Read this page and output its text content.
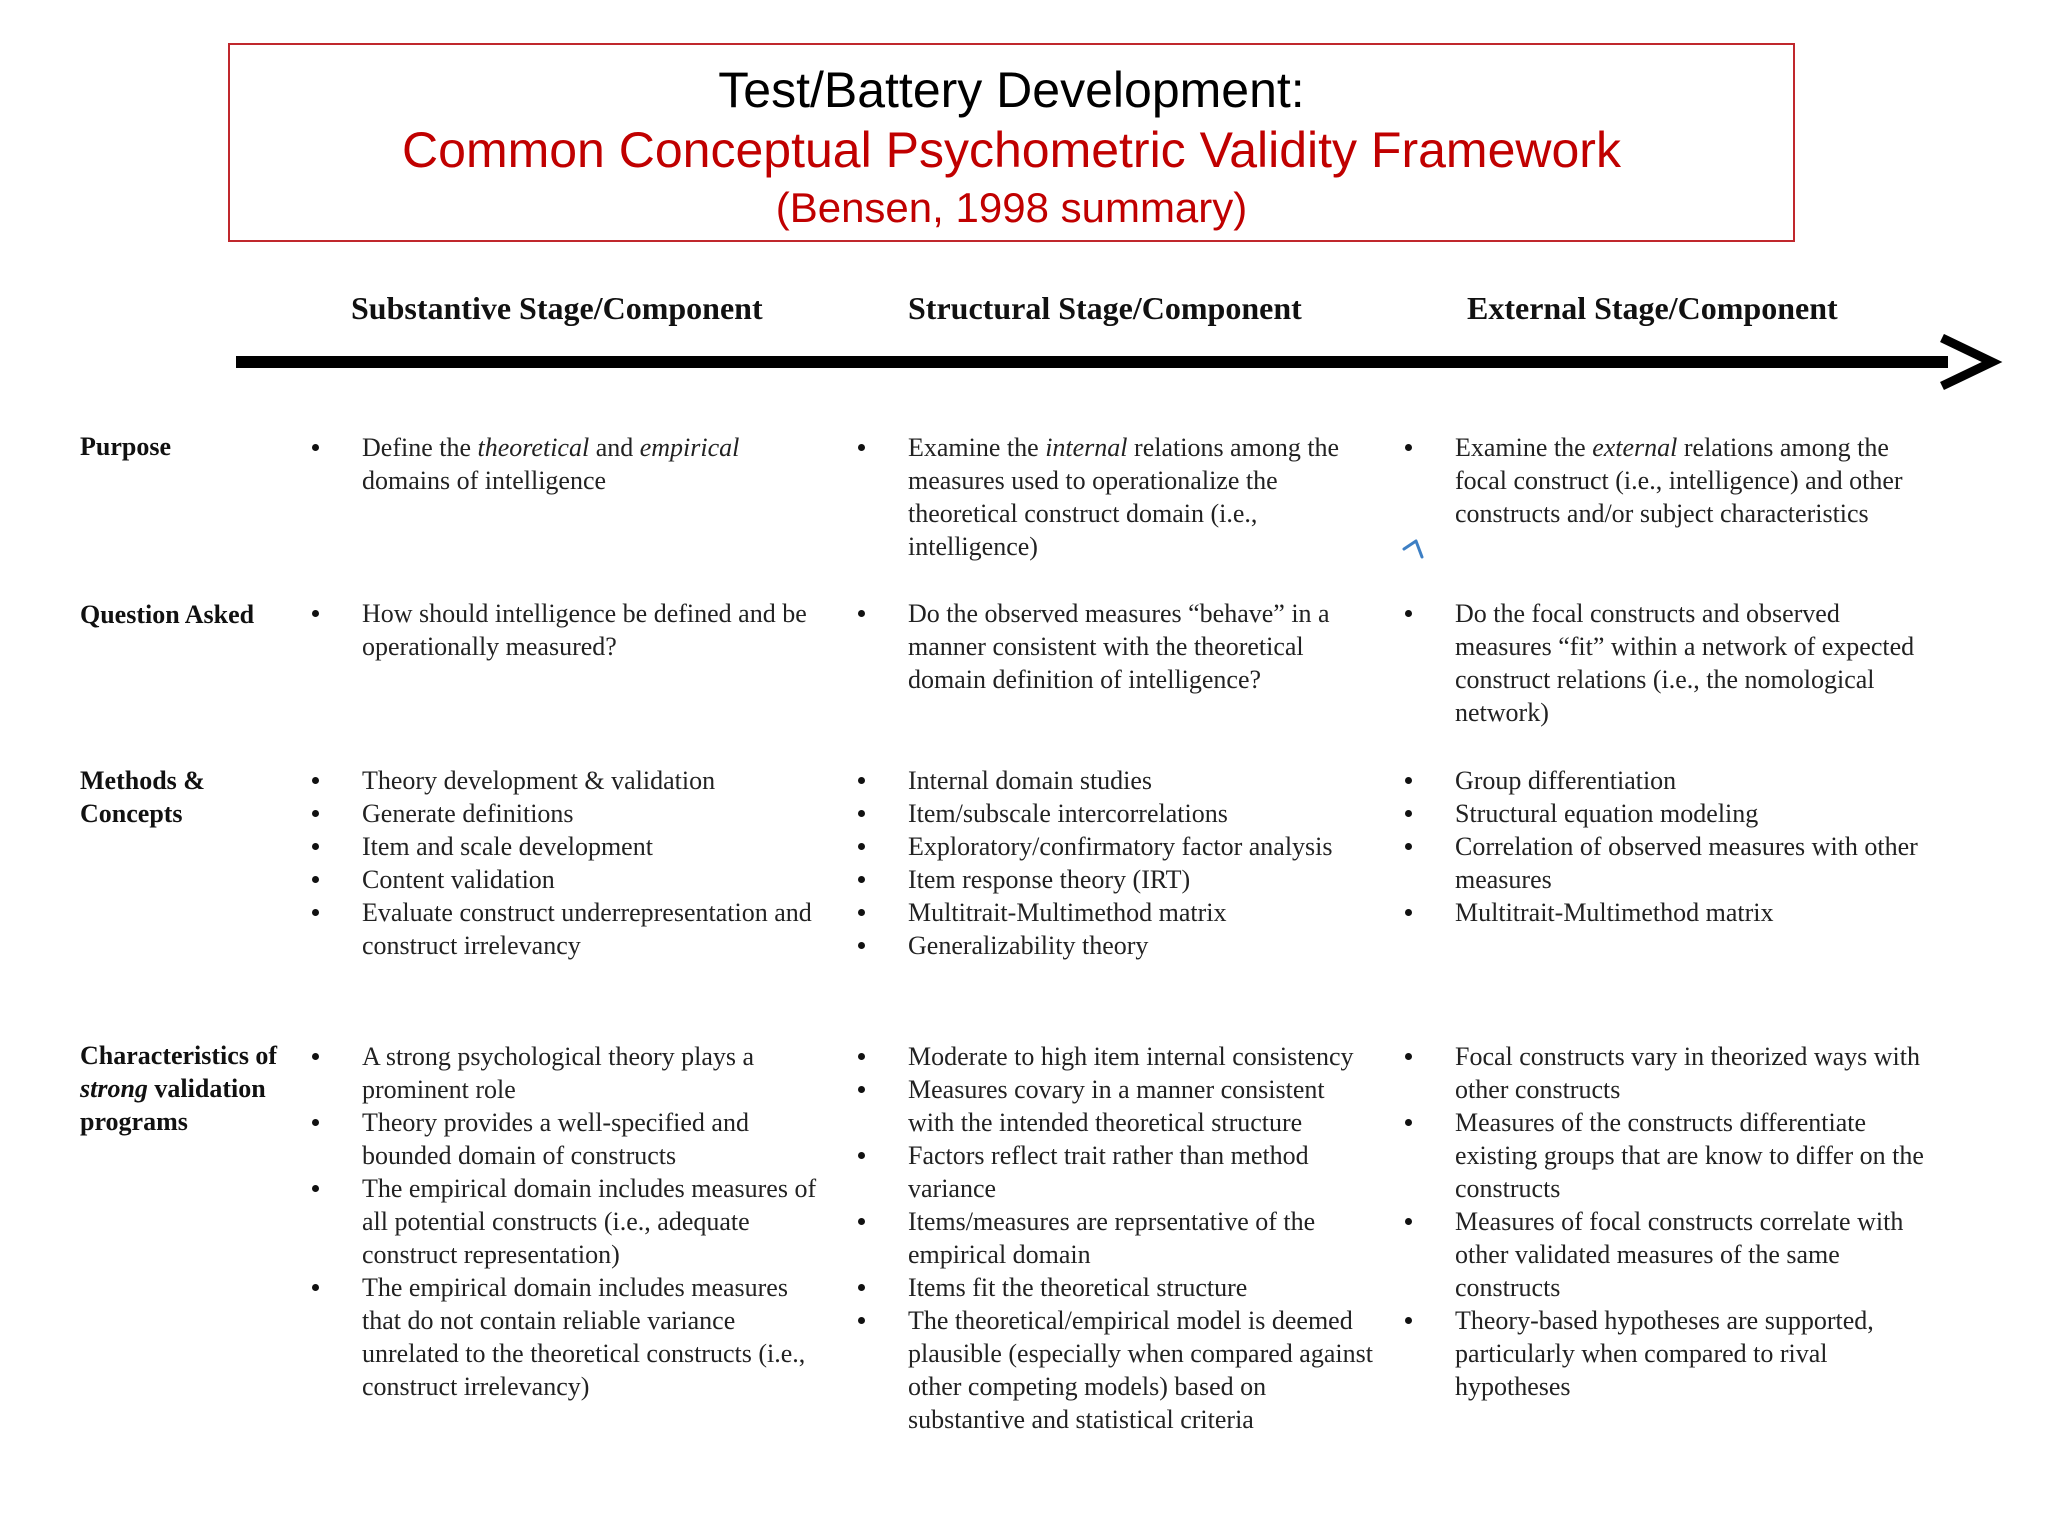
Test/Battery Development:
Common Conceptual Psychometric Validity Framework
(Bensen, 1998 summary)
Substantive Stage/Component	Structural Stage/Component	External Stage/Component
Purpose
Question Asked
Methods & Concepts
Characteristics of strong validation programs
Define the theoretical and empirical domains of intelligence
Examine the internal relations among the measures used to operationalize the theoretical construct domain (i.e., intelligence)
Examine the external relations among the focal construct (i.e., intelligence) and other constructs and/or subject characteristics
How should intelligence be defined and be operationally measured?
Do the observed measures “behave” in a manner consistent with the theoretical domain definition of intelligence?
Do the focal constructs and observed measures “fit” within a network of expected construct relations (i.e., the nomological network)
Theory development & validation
Generate definitions
Item and scale development
Content validation
Evaluate construct underrepresentation and construct irrelevancy
Internal domain studies
Item/subscale intercorrelations
Exploratory/confirmatory factor analysis
Item response theory (IRT)
Multitrait-Multimethod matrix
Generalizability theory
Group differentiation
Structural equation modeling
Correlation of observed measures with other measures
Multitrait-Multimethod matrix
A strong psychological theory plays a prominent role
Theory provides a well-specified and bounded domain of constructs
The empirical domain includes measures of all potential constructs (i.e., adequate construct representation)
The empirical domain includes measures that do not contain reliable variance unrelated to the theoretical constructs (i.e., construct irrelevancy)
Moderate to high item internal consistency
Measures covary in a manner consistent with the intended theoretical structure
Factors reflect trait rather than method variance
Items/measures are reprsentative of the empirical domain
Items fit the theoretical structure
The theoretical/empirical model is deemed plausible (especially when compared against other competing models) based on substantive and statistical criteria
Focal constructs vary in theorized ways with other constructs
Measures of the constructs differentiate existing groups that are know to differ on the constructs
Measures of focal constructs correlate with other validated measures of the same constructs
Theory-based hypotheses are supported, particularly when compared to rival hypotheses
